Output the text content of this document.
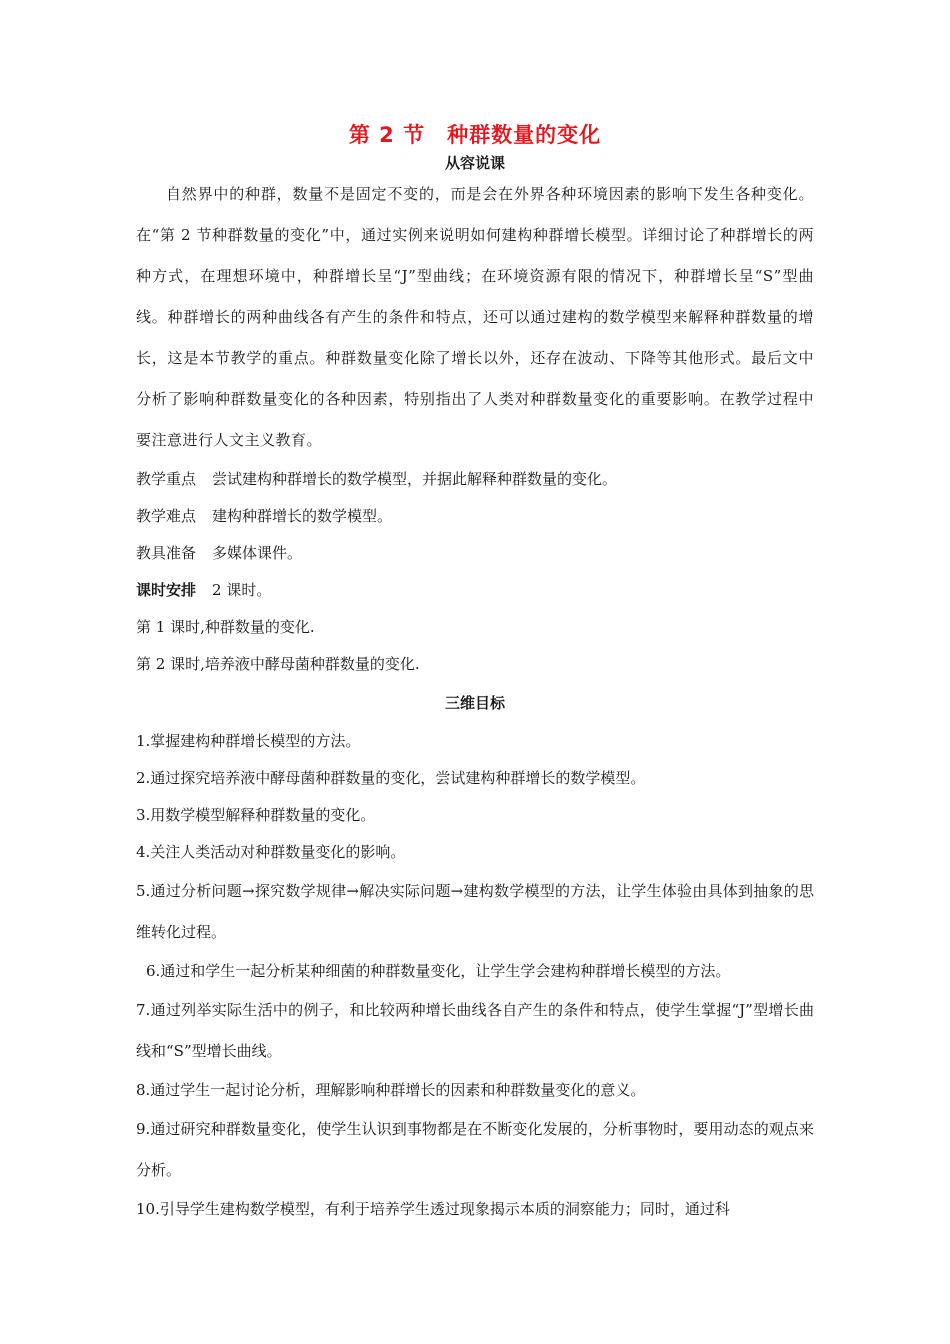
第 2 节　种群数量的变化
从容说课

自然界中的种群，数量不是固定不变的，而是会在外界各种环境因素的影响下发生各种变化。在“第 2 节种群数量的变化”中，通过实例来说明如何建构种群增长模型。详细讨论了种群增长的两种方式，在理想环境中，种群增长呈“J”型曲线；在环境资源有限的情况下，种群增长呈“S”型曲线。种群增长的两种曲线各有产生的条件和特点，还可以通过建构的数学模型来解释种群数量的增长，这是本节教学的重点。种群数量变化除了增长以外，还存在波动、下降等其他形式。最后文中分析了影响种群数量变化的各种因素，特别指出了人类对种群数量变化的重要影响。在教学过程中要注意进行人文主义教育。

教学重点 尝试建构种群增长的数学模型，并据此解释种群数量的变化。
教学难点 建构种群增长的数学模型。
教具准备 多媒体课件。
课时安排 2 课时。
第 1 课时,种群数量的变化.
第 2 课时,培养液中酵母菌种群数量的变化.
三维目标
1.掌握建构种群增长模型的方法。
2.通过探究培养液中酵母菌种群数量的变化，尝试建构种群增长的数学模型。
3.用数学模型解释种群数量的变化。
4.关注人类活动对种群数量变化的影响。
5.通过分析问题→探究数学规律→解决实际问题→建构数学模型的方法，让学生体验由具体到抽象的思维转化过程。
6.通过和学生一起分析某种细菌的种群数量变化，让学生学会建构种群增长模型的方法。
7.通过列举实际生活中的例子，和比较两种增长曲线各自产生的条件和特点，使学生掌握“J”型增长曲线和“S”型增长曲线。
8.通过学生一起讨论分析，理解影响种群增长的因素和种群数量变化的意义。
9.通过研究种群数量变化，使学生认识到事物都是在不断变化发展的，分析事物时，要用动态的观点来分析。
10.引导学生建构数学模型，有利于培养学生透过现象揭示本质的洞察能力；同时，通过科
